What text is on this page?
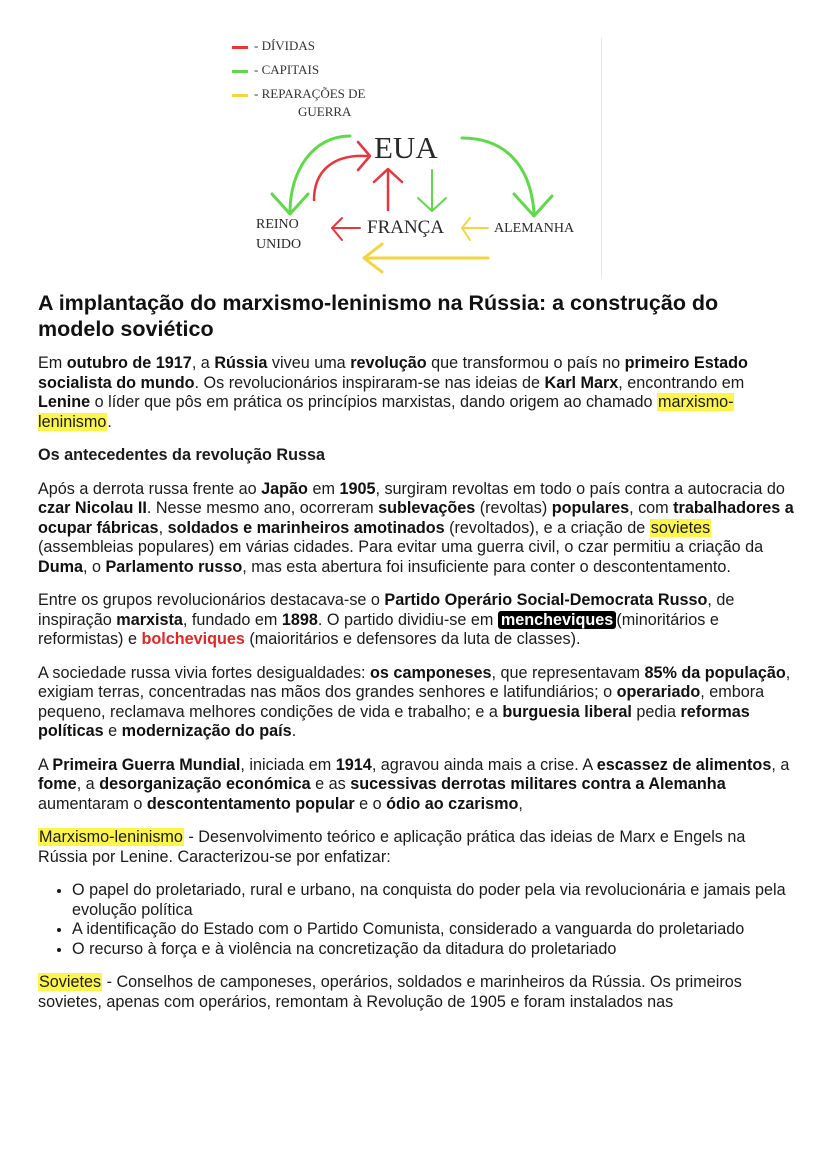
- DÍVIDAS
- CAPITAIS
- REPARAÇÕES DE
GUERRA
EUA
REINO
UNIDO
FRANÇA	ALEMANHA
A implantação do marxismo-leninismo na Rússia: a construção do modelo soviético

Em outubro de 1917, a Rússia viveu uma revolução que transformou o país no primeiro Estado socialista do mundo. Os revolucionários inspiraram-se nas ideias de Karl Marx, encontrando em Lenine o líder que pôs em prática os princípios marxistas, dando origem ao chamado marxismo-leninismo.

Os antecedentes da revolução Russa

Após a derrota russa frente ao Japão em 1905, surgiram revoltas em todo o país contra a autocracia do czar Nicolau II. Nesse mesmo ano, ocorreram sublevações (revoltas) populares, com trabalhadores a ocupar fábricas, soldados e marinheiros amotinados (revoltados), e a criação de sovietes (assembleias populares) em várias cidades. Para evitar uma guerra civil, o czar permitiu a criação da Duma, o Parlamento russo, mas esta abertura foi insuficiente para conter o descontentamento.

Entre os grupos revolucionários destacava-se o Partido Operário Social-Democrata Russo, de inspiração marxista, fundado em 1898. O partido dividiu-se em mencheviques (minoritários e reformistas) e bolcheviques (maioritários e defensores da luta de classes).

A sociedade russa vivia fortes desigualdades: os camponeses, que representavam 85% da população, exigiam terras, concentradas nas mãos dos grandes senhores e latifundiários; o operariado, embora pequeno, reclamava melhores condições de vida e trabalho; e a burguesia liberal pedia reformas políticas e modernização do país.

A Primeira Guerra Mundial, iniciada em 1914, agravou ainda mais a crise. A escassez de alimentos, a fome, a desorganização económica e as sucessivas derrotas militares contra a Alemanha aumentaram o descontentamento popular e o ódio ao czarismo,

Marxismo-leninismo - Desenvolvimento teórico e aplicação prática das ideias de Marx e Engels na Rússia por Lenine. Caracterizou-se por enfatizar:

• O papel do proletariado, rural e urbano, na conquista do poder pela via revolucionária e jamais pela evolução política
• A identificação do Estado com o Partido Comunista, considerado a vanguarda do proletariado
• O recurso à força e à violência na concretização da ditadura do proletariado

Sovietes - Conselhos de camponeses, operários, soldados e marinheiros da Rússia. Os primeiros sovietes, apenas com operários, remontam à Revolução de 1905 e foram instalados nas
